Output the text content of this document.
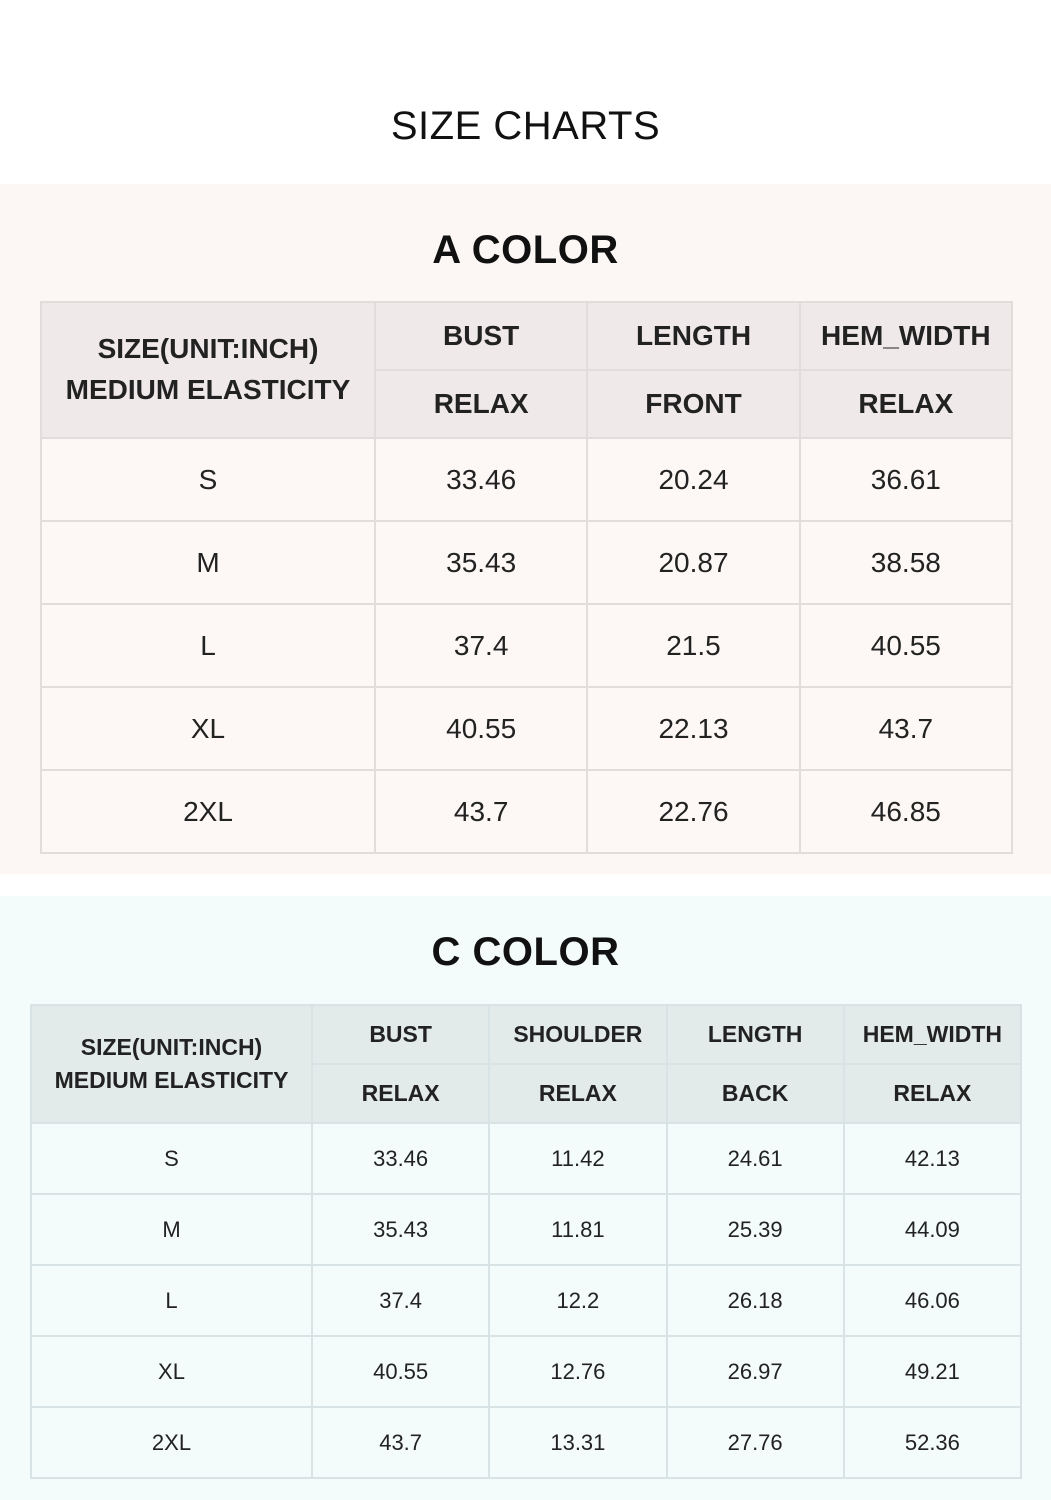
SIZE CHARTS
A COLOR
SIZE(UNIT:INCH)
MEDIUM ELASTICITY	BUST	LENGTH	HEM_WIDTH
	RELAX	FRONT	RELAX
S	33.46	20.24	36.61
M	35.43	20.87	38.58
L	37.4	21.5	40.55
XL	40.55	22.13	43.7
2XL	43.7	22.76	46.85
C COLOR
SIZE(UNIT:INCH)
MEDIUM ELASTICITY	BUST	SHOULDER	LENGTH	HEM_WIDTH
	RELAX	RELAX	BACK	RELAX
S	33.46	11.42	24.61	42.13
M	35.43	11.81	25.39	44.09
L	37.4	12.2	26.18	46.06
XL	40.55	12.76	26.97	49.21
2XL	43.7	13.31	27.76	52.36
